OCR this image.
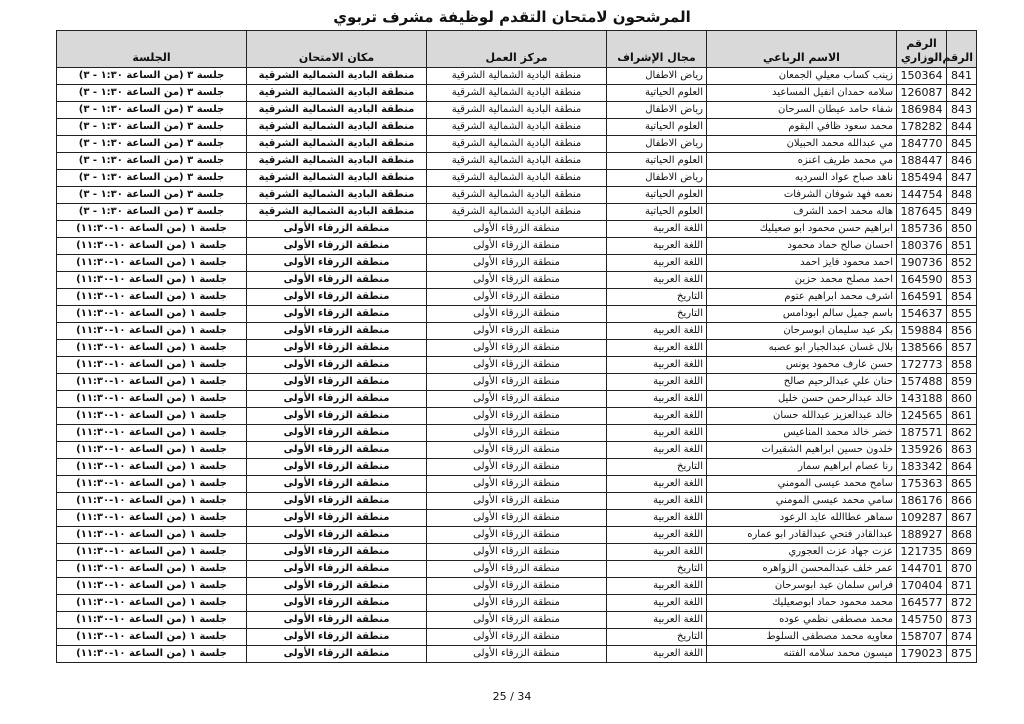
المرشحون لامتحان التقدم لوظيفة مشرف تربوي
الرقم	الرقم الوزاري	الاسم الرباعي	مجال الإشراف	مركز العمل	مكان الامتحان	الجلسة
841	150364	زينب كساب معيلي الجمعان	رياض الاطفال	منطقة البادية الشمالية الشرقية	منطقة البادية الشمالية الشرقية	جلسة ٣ (من الساعة ١:٣٠ - ٣)
842	126087	سلامه حمدان انفيل المساعيد	العلوم الحياتية	منطقة البادية الشمالية الشرقية	منطقة البادية الشمالية الشرقية	جلسة ٣ (من الساعة ١:٣٠ - ٣)
843	186984	شفاء حامد عيطان السرحان	رياض الاطفال	منطقة البادية الشمالية الشرقية	منطقة البادية الشمالية الشرقية	جلسة ٣ (من الساعة ١:٣٠ - ٣)
844	178282	محمد سعود ظافي البقوم	العلوم الحياتية	منطقة البادية الشمالية الشرقية	منطقة البادية الشمالية الشرقية	جلسة ٣ (من الساعة ١:٣٠ - ٣)
845	184770	مي عبدالله محمد الحبيلان	رياض الاطفال	منطقة البادية الشمالية الشرقية	منطقة البادية الشمالية الشرقية	جلسة ٣ (من الساعة ١:٣٠ - ٣)
846	188447	مي محمد طريف اعنزه	العلوم الحياتية	منطقة البادية الشمالية الشرقية	منطقة البادية الشمالية الشرقية	جلسة ٣ (من الساعة ١:٣٠ - ٣)
847	185494	ناهد صباح عواد السرديه	رياض الاطفال	منطقة البادية الشمالية الشرقية	منطقة البادية الشمالية الشرقية	جلسة ٣ (من الساعة ١:٣٠ - ٣)
848	144754	نعمه فهد شوفان الشرفات	العلوم الحياتية	منطقة البادية الشمالية الشرقية	منطقة البادية الشمالية الشرقية	جلسة ٣ (من الساعة ١:٣٠ - ٣)
849	187645	هاله محمد احمد الشرف	العلوم الحياتية	منطقة البادية الشمالية الشرقية	منطقة البادية الشمالية الشرقية	جلسة ٣ (من الساعة ١:٣٠ - ٣)
850	185736	ابراهيم حسن محمود ابو صعيليك	اللغة العربية	منطقة الزرقاء الأولى	منطقة الزرقاء الأولى	جلسة ١ (من الساعة ١٠-١١:٣٠)
851	180376	احسان صالح حماد محمود	اللغة العربية	منطقة الزرقاء الأولى	منطقة الزرقاء الأولى	جلسة ١ (من الساعة ١٠-١١:٣٠)
852	190736	احمد محمود فايز احمد	اللغة العربية	منطقة الزرقاء الأولى	منطقة الزرقاء الأولى	جلسة ١ (من الساعة ١٠-١١:٣٠)
853	164590	احمد مصلح محمد حزين	اللغة العربية	منطقة الزرقاء الأولى	منطقة الزرقاء الأولى	جلسة ١ (من الساعة ١٠-١١:٣٠)
854	164591	اشرف محمد ابراهيم عتوم	التاريخ	منطقة الزرقاء الأولى	منطقة الزرقاء الأولى	جلسة ١ (من الساعة ١٠-١١:٣٠)
855	154637	باسم جميل سالم ابودامس	التاريخ	منطقة الزرقاء الأولى	منطقة الزرقاء الأولى	جلسة ١ (من الساعة ١٠-١١:٣٠)
856	159884	بكر عيد سليمان ابوسرحان	اللغة العربية	منطقة الزرقاء الأولى	منطقة الزرقاء الأولى	جلسة ١ (من الساعة ١٠-١١:٣٠)
857	138566	بلال غسان عبدالجبار ابو عصبه	اللغة العربية	منطقة الزرقاء الأولى	منطقة الزرقاء الأولى	جلسة ١ (من الساعة ١٠-١١:٣٠)
858	172773	حسن عارف محمود يونس	اللغة العربية	منطقة الزرقاء الأولى	منطقة الزرقاء الأولى	جلسة ١ (من الساعة ١٠-١١:٣٠)
859	157488	حنان علي عبدالرحيم صالح	اللغة العربية	منطقة الزرقاء الأولى	منطقة الزرقاء الأولى	جلسة ١ (من الساعة ١٠-١١:٣٠)
860	143188	خالد عبدالرحمن حسن خليل	اللغة العربية	منطقة الزرقاء الأولى	منطقة الزرقاء الأولى	جلسة ١ (من الساعة ١٠-١١:٣٠)
861	124565	خالد عبدالعزيز عبدالله حسان	اللغة العربية	منطقة الزرقاء الأولى	منطقة الزرقاء الأولى	جلسة ١ (من الساعة ١٠-١١:٣٠)
862	187571	خضر خالد محمد المناعيس	اللغة العربية	منطقة الزرقاء الأولى	منطقة الزرقاء الأولى	جلسة ١ (من الساعة ١٠-١١:٣٠)
863	135926	خلدون حسين ابراهيم الشقيرات	اللغة العربية	منطقة الزرقاء الأولى	منطقة الزرقاء الأولى	جلسة ١ (من الساعة ١٠-١١:٣٠)
864	183342	رنا عصام ابراهيم سمار	التاريخ	منطقة الزرقاء الأولى	منطقة الزرقاء الأولى	جلسة ١ (من الساعة ١٠-١١:٣٠)
865	175363	سامح محمد عيسى المومني	اللغة العربية	منطقة الزرقاء الأولى	منطقة الزرقاء الأولى	جلسة ١ (من الساعة ١٠-١١:٣٠)
866	186176	سامي محمد عيسى المومني	اللغة العربية	منطقة الزرقاء الأولى	منطقة الزرقاء الأولى	جلسة ١ (من الساعة ١٠-١١:٣٠)
867	109287	سماهر عطاالله عايد الرعود	اللغة العربية	منطقة الزرقاء الأولى	منطقة الزرقاء الأولى	جلسة ١ (من الساعة ١٠-١١:٣٠)
868	188927	عبدالقادر فتحي عبدالقادر ابو عماره	اللغة العربية	منطقة الزرقاء الأولى	منطقة الزرقاء الأولى	جلسة ١ (من الساعة ١٠-١١:٣٠)
869	121735	عزت جهاد عزت العجوري	اللغة العربية	منطقة الزرقاء الأولى	منطقة الزرقاء الأولى	جلسة ١ (من الساعة ١٠-١١:٣٠)
870	144701	عمر خلف عبدالمحسن الزواهره	التاريخ	منطقة الزرقاء الأولى	منطقة الزرقاء الأولى	جلسة ١ (من الساعة ١٠-١١:٣٠)
871	170404	فراس سلمان عيد ابوسرحان	اللغة العربية	منطقة الزرقاء الأولى	منطقة الزرقاء الأولى	جلسة ١ (من الساعة ١٠-١١:٣٠)
872	164577	محمد محمود حماد ابوصعيليك	اللغة العربية	منطقة الزرقاء الأولى	منطقة الزرقاء الأولى	جلسة ١ (من الساعة ١٠-١١:٣٠)
873	145750	محمد مصطفى نظمي عوده	اللغة العربية	منطقة الزرقاء الأولى	منطقة الزرقاء الأولى	جلسة ١ (من الساعة ١٠-١١:٣٠)
874	158707	معاويه محمد مصطفى السلوط	التاريخ	منطقة الزرقاء الأولى	منطقة الزرقاء الأولى	جلسة ١ (من الساعة ١٠-١١:٣٠)
875	179023	ميسون محمد سلامه الفتنه	اللغة العربية	منطقة الزرقاء الأولى	منطقة الزرقاء الأولى	جلسة ١ (من الساعة ١٠-١١:٣٠)
25 / 34
